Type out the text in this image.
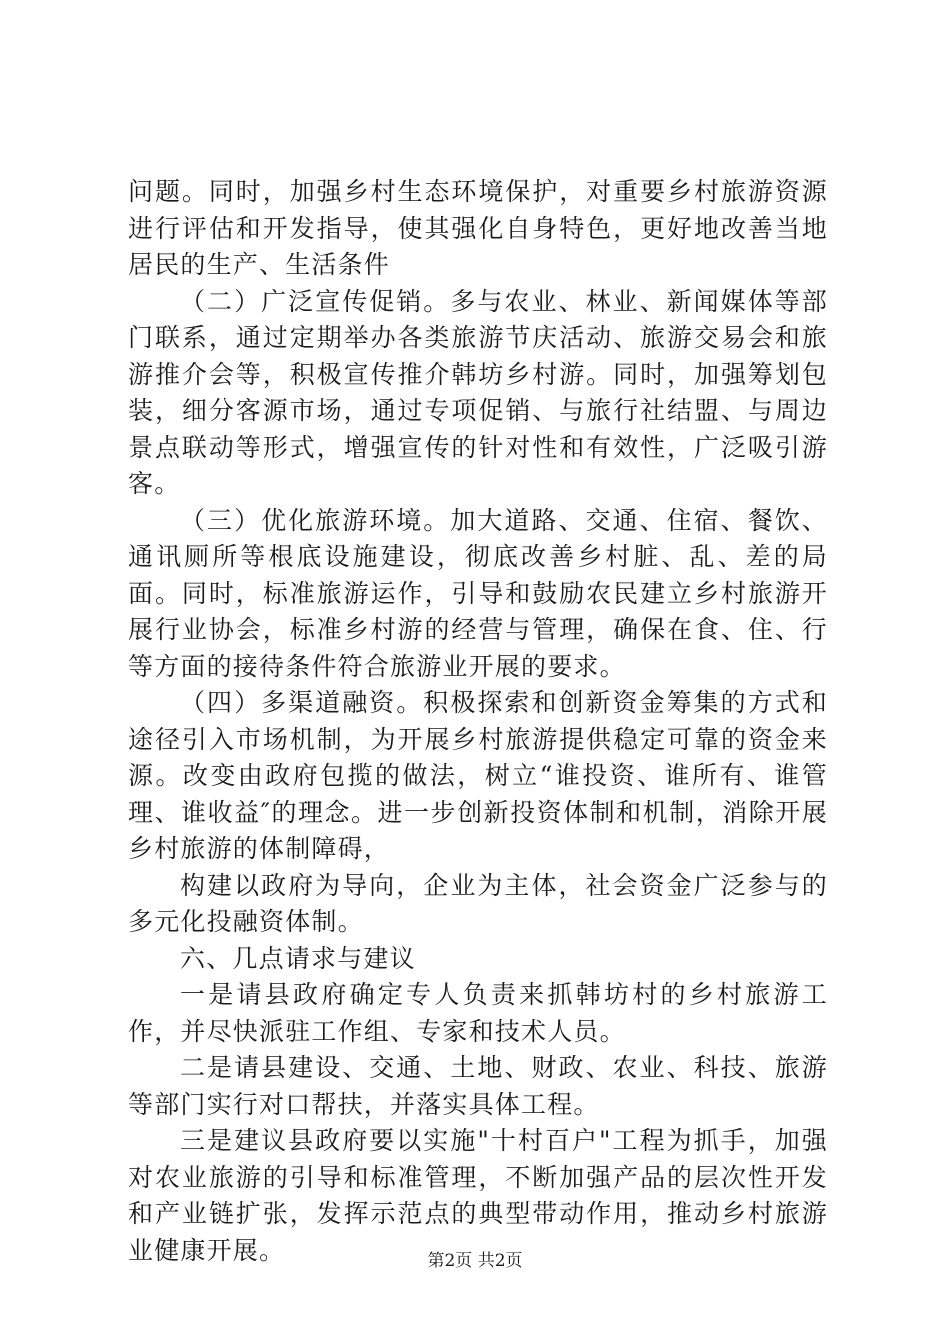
问题。同时，加强乡村生态环境保护，对重要乡村旅游资源进行评估和开发指导，使其强化自身特色，更好地改善当地居民的生产、生活条件

（二）广泛宣传促销。多与农业、林业、新闻媒体等部门联系，通过定期举办各类旅游节庆活动、旅游交易会和旅游推介会等，积极宣传推介韩坊乡村游。同时，加强筹划包装，细分客源市场，通过专项促销、与旅行社结盟、与周边景点联动等形式，增强宣传的针对性和有效性，广泛吸引游客。

（三）优化旅游环境。加大道路、交通、住宿、餐饮、通讯厕所等根底设施建设，彻底改善乡村脏、乱、差的局面。同时，标准旅游运作，引导和鼓励农民建立乡村旅游开展行业协会，标准乡村游的经营与管理，确保在食、住、行等方面的接待条件符合旅游业开展的要求。

（四）多渠道融资。积极探索和创新资金筹集的方式和途径引入市场机制，为开展乡村旅游提供稳定可靠的资金来源。改变由政府包揽的做法，树立“谁投资、谁所有、谁管理、谁收益″的理念。进一步创新投资体制和机制，消除开展乡村旅游的体制障碍，

构建以政府为导向，企业为主体，社会资金广泛参与的多元化投融资体制。

六、几点请求与建议

一是请县政府确定专人负责来抓韩坊村的乡村旅游工作，并尽快派驻工作组、专家和技术人员。

二是请县建设、交通、土地、财政、农业、科技、旅游等部门实行对口帮扶，并落实具体工程。

三是建议县政府要以实施"十村百户"工程为抓手，加强对农业旅游的引导和标准管理，不断加强产品的层次性开发和产业链扩张，发挥示范点的典型带动作用，推动乡村旅游业健康开展。	第2页 共2页
